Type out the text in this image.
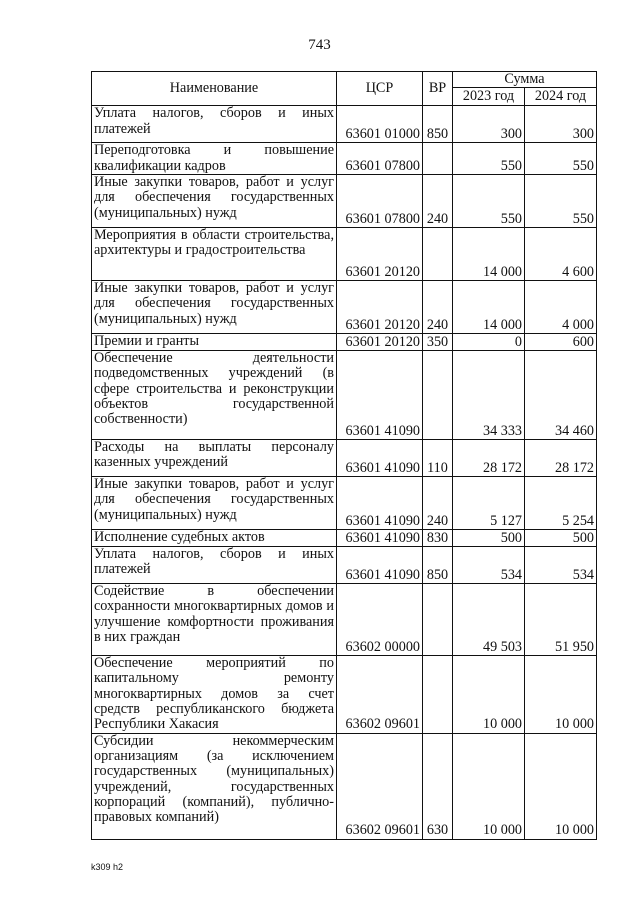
743
Наименование	ЦСР	ВР	Сумма	
			2023 год	2024 год
Уплата налогов, сборов и иных платежей	63601 01000	850	300	300
Переподготовка и повышение квалификации кадров	63601 07800		550	550
Иные закупки товаров, работ и услуг для обеспечения государственных (муниципальных) нужд	63601 07800	240	550	550
Мероприятия в области строительства, архитектуры и градостроительства	63601 20120		14 000	4 600
Иные закупки товаров, работ и услуг для обеспечения государственных (муниципальных) нужд	63601 20120	240	14 000	4 000
Премии и гранты	63601 20120	350	0	600
Обеспечение деятельности подведомственных учреждений (в сфере строительства и реконструкции объектов государственной собственности)	63601 41090		34 333	34 460
Расходы на выплаты персоналу казенных учреждений	63601 41090	110	28 172	28 172
Иные закупки товаров, работ и услуг для обеспечения государственных (муниципальных) нужд	63601 41090	240	5 127	5 254
Исполнение судебных актов	63601 41090	830	500	500
Уплата налогов, сборов и иных платежей	63601 41090	850	534	534
Содействие в обеспечении сохранности многоквартирных домов и улучшение комфортности проживания в них граждан	63602 00000		49 503	51 950
Обеспечение мероприятий по капитальному ремонту многоквартирных домов за счет средств республиканского бюджета Республики Хакасия	63602 09601		10 000	10 000
Субсидии некоммерческим организациям (за исключением государственных (муниципальных) учреждений, государственных корпораций (компаний), публично-правовых компаний)	63602 09601	630	10 000	10 000
k309 h2
